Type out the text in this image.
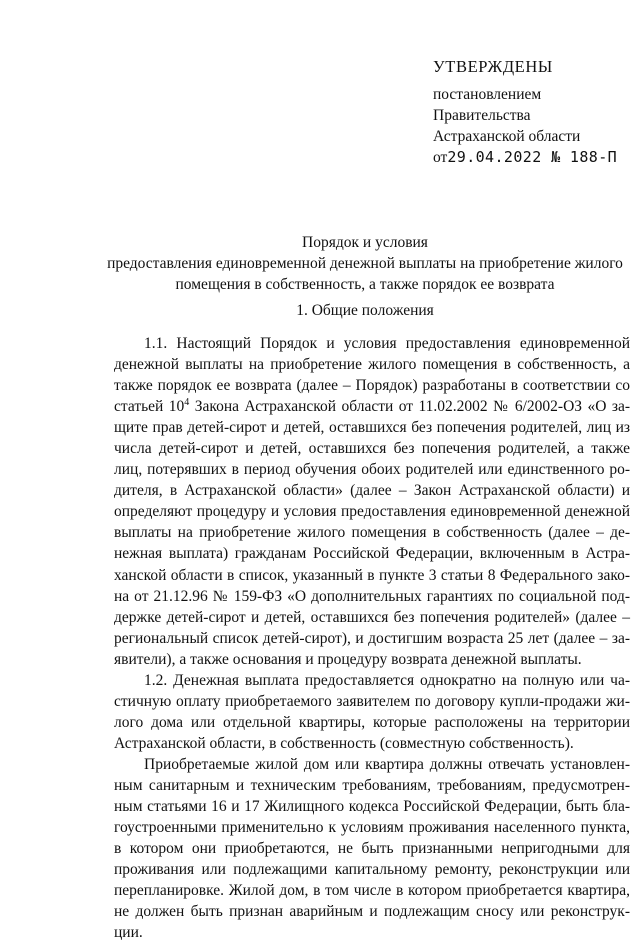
УТВЕРЖДЕНЫ
постановлением
Правительства
Астраханской области
от29.04.2022 № 188-П
Порядок и условия
предоставления единовременной денежной выплаты на приобретение жилого
помещения в собственность, а также порядок ее возврата
1. Общие положения
1.1. Настоящий Порядок и условия предоставления единовременной
денежной выплаты на приобретение жилого помещения в собственность, а
также порядок ее возврата (далее – Порядок) разработаны в соответствии со
статьей $10^4$ Закона Астраханской области от 11.02.2002 № 6/2002-ОЗ «О за-
щите прав детей-сирот и детей, оставшихся без попечения родителей, лиц из
числа детей-сирот и детей, оставшихся без попечения родителей, а также
лиц, потерявших в период обучения обоих родителей или единственного ро-
дителя, в Астраханской области» (далее – Закон Астраханской области) и
определяют процедуру и условия предоставления единовременной денежной
выплаты на приобретение жилого помещения в собственность (далее – де-
нежная выплата) гражданам Российской Федерации, включенным в Астра-
ханской области в список, указанный в пункте 3 статьи 8 Федерального зако-
на от 21.12.96 № 159-ФЗ «О дополнительных гарантиях по социальной под-
держке детей-сирот и детей, оставшихся без попечения родителей» (далее –
региональный список детей-сирот), и достигшим возраста 25 лет (далее – за-
явители), а также основания и процедуру возврата денежной выплаты.
1.2. Денежная выплата предоставляется однократно на полную или ча-
стичную оплату приобретаемого заявителем по договору купли-продажи жи-
лого дома или отдельной квартиры, которые расположены на территории
Астраханской области, в собственность (совместную собственность).
Приобретаемые жилой дом или квартира должны отвечать установлен-
ным санитарным и техническим требованиям, требованиям, предусмотрен-
ным статьями 16 и 17 Жилищного кодекса Российской Федерации, быть бла-
гоустроенными применительно к условиям проживания населенного пункта,
в котором они приобретаются, не быть признанными непригодными для
проживания или подлежащими капитальному ремонту, реконструкции или
перепланировке. Жилой дом, в том числе в котором приобретается квартира,
не должен быть признан аварийным и подлежащим сносу или реконструк-
ции.
